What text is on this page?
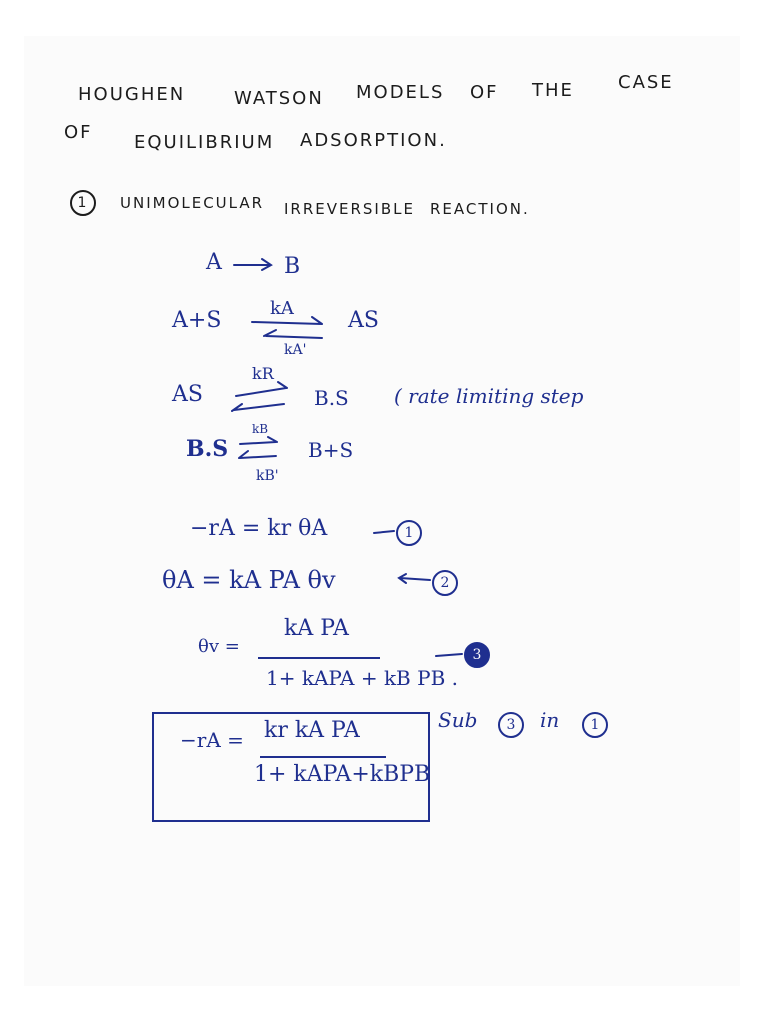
HOUGHEN	WATSON MODELS OF THE CASE
OF EQUILIBRIUM ADSORPTION.
1	UNIMOLECULAR IRREVERSIBLE REACTION.
A	B
A+S	kA
kA'
AS
AS
kR
B.S ( rate limiting step
B.S
kB
kB'
B+S
−rA = kr θA	1
θA = kA PA θv	2
θv =
kA PA
1+ kAPA + kB PB .
3
Sub	3	in	1
−rA = kr kA PA
1+ kAPA+kBPB
